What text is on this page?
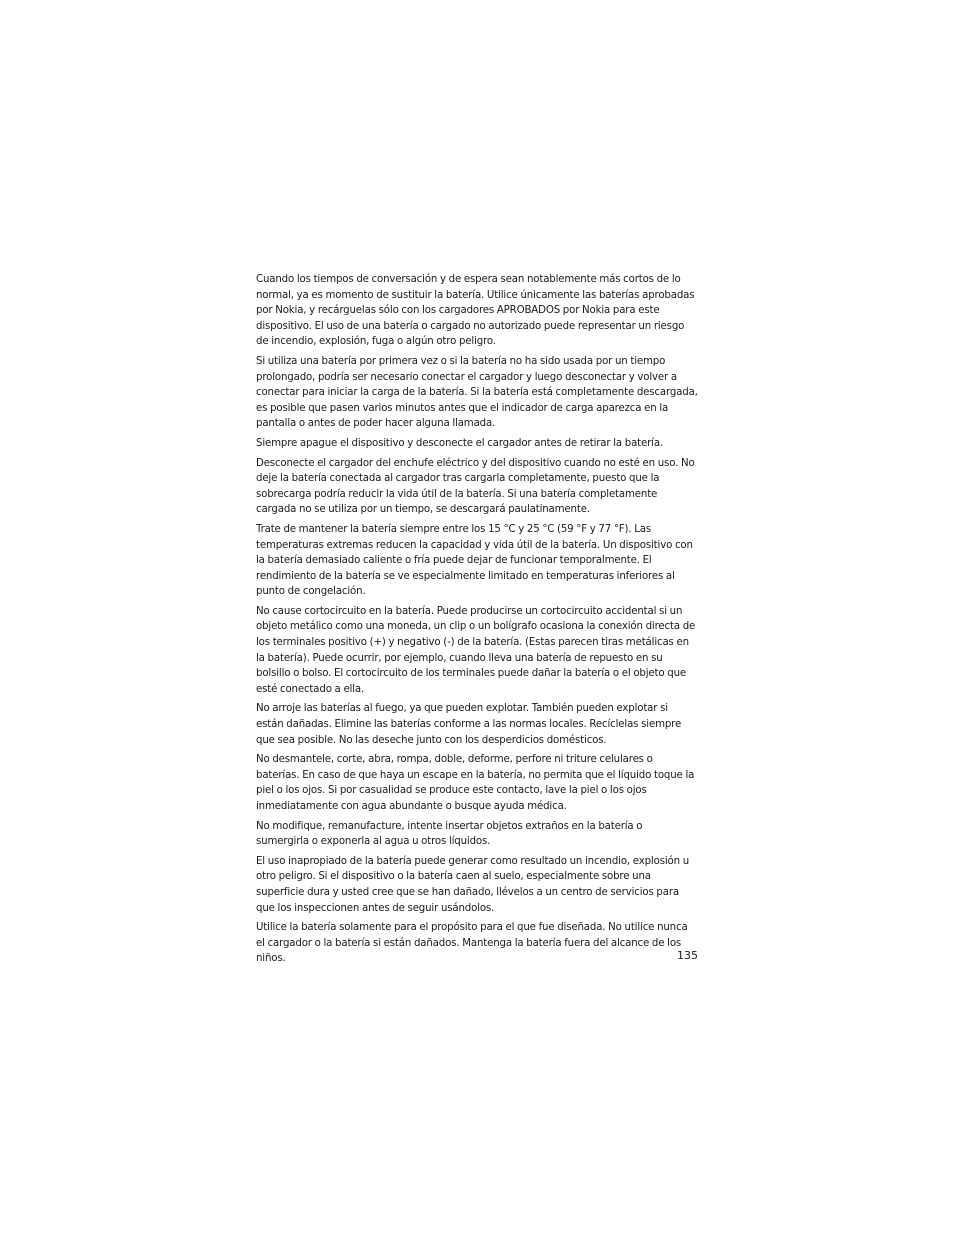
Cuando los tiempos de conversación y de espera sean notablemente más cortos de lo normal, ya es momento de sustituir la batería. Utilice únicamente las baterías aprobadas por Nokia, y recárguelas sólo con los cargadores APROBADOS por Nokia para este dispositivo. El uso de una batería o cargado no autorizado puede representar un riesgo de incendio, explosión, fuga o algún otro peligro.

Si utiliza una batería por primera vez o si la batería no ha sido usada por un tiempo prolongado, podría ser necesario conectar el cargador y luego desconectar y volver a conectar para iniciar la carga de la batería. Si la batería está completamente descargada, es posible que pasen varios minutos antes que el indicador de carga aparezca en la pantalla o antes de poder hacer alguna llamada.

Siempre apague el dispositivo y desconecte el cargador antes de retirar la batería.

Desconecte el cargador del enchufe eléctrico y del dispositivo cuando no esté en uso. No deje la batería conectada al cargador tras cargarla completamente, puesto que la sobrecarga podría reducir la vida útil de la batería. Si una batería completamente cargada no se utiliza por un tiempo, se descargará paulatinamente.

Trate de mantener la batería siempre entre los 15 °C y 25 °C (59 °F y 77 °F). Las temperaturas extremas reducen la capacidad y vida útil de la batería. Un dispositivo con la batería demasiado caliente o fría puede dejar de funcionar temporalmente. El rendimiento de la batería se ve especialmente limitado en temperaturas inferiores al punto de congelación.

No cause cortocircuito en la batería. Puede producirse un cortocircuito accidental si un objeto metálico como una moneda, un clip o un bolígrafo ocasiona la conexión directa de los terminales positivo (+) y negativo (-) de la batería. (Estas parecen tiras metálicas en la batería). Puede ocurrir, por ejemplo, cuando lleva una batería de repuesto en su bolsillo o bolso. El cortocircuito de los terminales puede dañar la batería o el objeto que esté conectado a ella.

No arroje las baterías al fuego, ya que pueden explotar. También pueden explotar si están dañadas. Elimine las baterías conforme a las normas locales. Recíclelas siempre que sea posible. No las deseche junto con los desperdicios domésticos.

No desmantele, corte, abra, rompa, doble, deforme, perfore ni triture celulares o baterías. En caso de que haya un escape en la batería, no permita que el líquido toque la piel o los ojos. Si por casualidad se produce este contacto, lave la piel o los ojos inmediatamente con agua abundante o busque ayuda médica.

No modifique, remanufacture, intente insertar objetos extraños en la batería o sumergirla o exponerla al agua u otros líquidos.

El uso inapropiado de la batería puede generar como resultado un incendio, explosión u otro peligro. Si el dispositivo o la batería caen al suelo, especialmente sobre una superficie dura y usted cree que se han dañado, llévelos a un centro de servicios para que los inspeccionen antes de seguir usándolos.

Utilice la batería solamente para el propósito para el que fue diseñada. No utilice nunca el cargador o la batería si están dañados. Mantenga la batería fuera del alcance de los niños.	135
